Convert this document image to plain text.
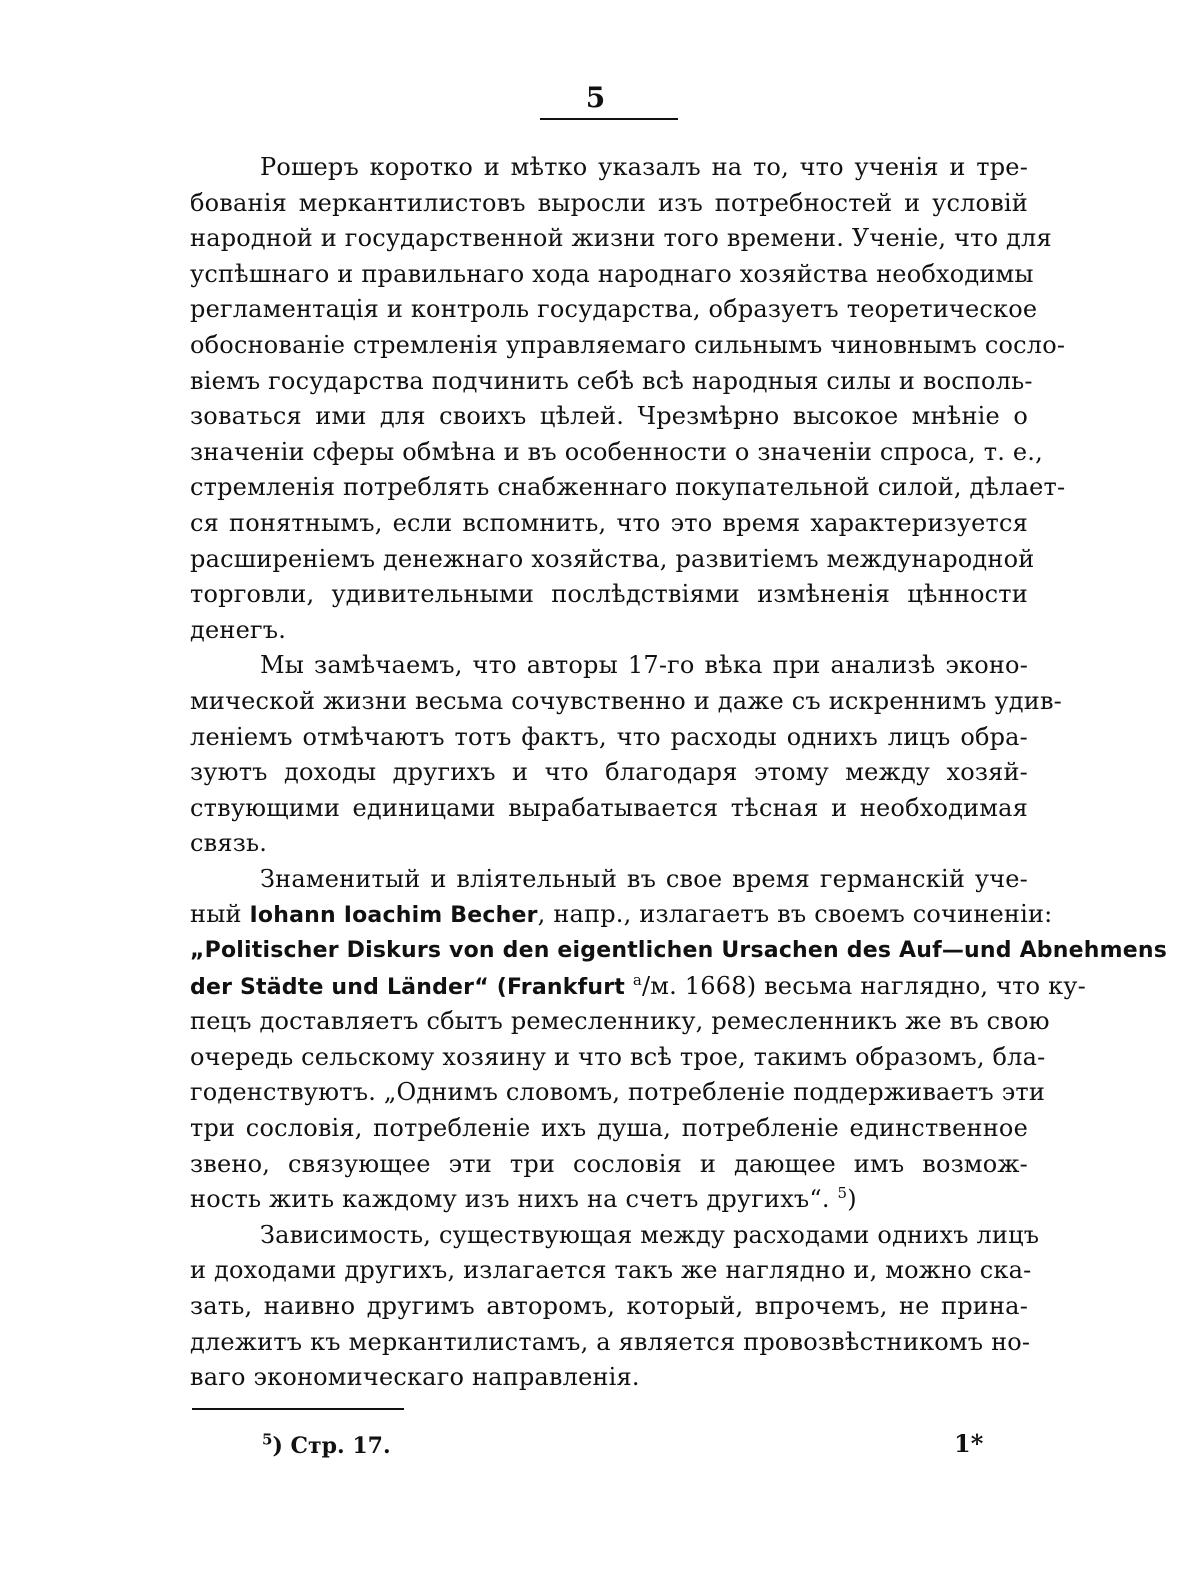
5
Рошеръ коротко и мѣтко указалъ на то, что ученія и тре-
бованія меркантилистовъ выросли изъ потребностей и условій
народной и государственной жизни того времени. Ученіе, что для
успѣшнаго и правильнаго хода народнаго хозяйства необходимы
регламентація и контроль государства, образуетъ теоретическое
обоснованіе стремленія управляемаго сильнымъ чиновнымъ сосло-
віемъ государства подчинить себѣ всѣ народныя силы и восполь-
зоваться ими для своихъ цѣлей. Чрезмѣрно высокое мнѣніе о
значеніи сферы обмѣна и въ особенности о значеніи спроса, т. е.,
стремленія потреблять снабженнаго покупательной силой, дѣлает-
ся понятнымъ, если вспомнить, что это время характеризуется
расширеніемъ денежнаго хозяйства, развитіемъ международной
торговли, удивительными послѣдствіями измѣненія цѣнности
денегъ.
Мы замѣчаемъ, что авторы 17-го вѣка при анализѣ эконо-
мической жизни весьма сочувственно и даже съ искреннимъ удив-
леніемъ отмѣчаютъ тотъ фактъ, что расходы однихъ лицъ обра-
зуютъ доходы другихъ и что благодаря этому между хозяй-
ствующими единицами вырабатывается тѣсная и необходимая
связь.
Знаменитый и вліятельный въ свое время германскій уче-
ный Iohann Ioachim Becher, напр., излагаетъ въ своемъ сочиненіи:
„Politischer Diskurs von den eigentlichen Ursachen des Auf—und Abnehmens
der Städte und Länder“ (Frankfurt $^a$/м. 1668) весьма наглядно, что ку-
пецъ доставляетъ сбытъ ремесленнику, ремесленникъ же въ свою
очередь сельскому хозяину и что всѣ трое, такимъ образомъ, бла-
годенствуютъ. „Однимъ словомъ, потребленіе поддерживаетъ эти
три сословія, потребленіе ихъ душа, потребленіе единственное
звено, связующее эти три сословія и дающее имъ возмож-
ность жить каждому изъ нихъ на счетъ другихъ“. $^5$)
Зависимость, существующая между расходами однихъ лицъ
и доходами другихъ, излагается такъ же наглядно и, можно ска-
зать, наивно другимъ авторомъ, который, впрочемъ, не прина-
длежитъ къ меркантилистамъ, а является провозвѣстникомъ но-
ваго экономическаго направленія.
$^5$) Стр. 17.	1*
